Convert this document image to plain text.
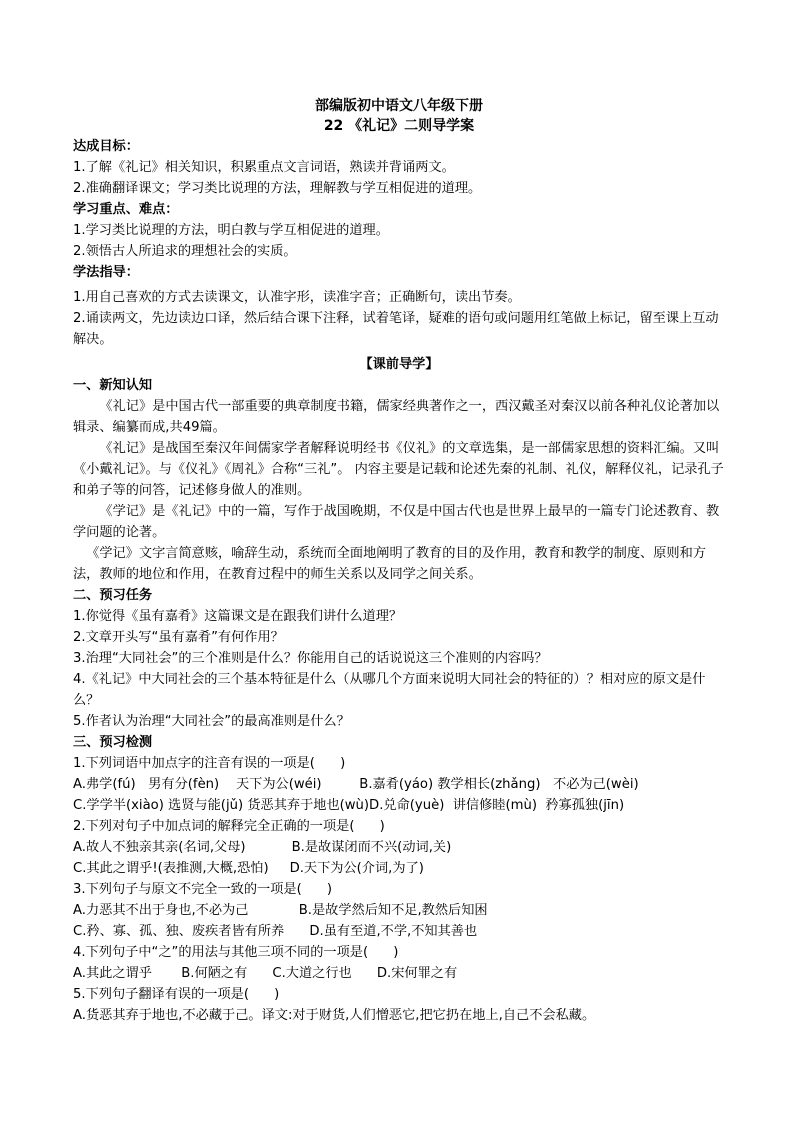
部编版初中语文八年级下册
22 《礼记》二则导学案
达成目标：

1.了解《礼记》相关知识，积累重点文言词语，熟读并背诵两文。

2.准确翻译课文；学习类比说理的方法，理解教与学互相促进的道理。

学习重点、难点：

1.学习类比说理的方法，明白教与学互相促进的道理。

2.领悟古人所追求的理想社会的实质。

学法指导：

1.用自己喜欢的方式去读课文，认准字形，读准字音；正确断句，读出节奏。

2.诵读两文，先边读边口译，然后结合课下注释，试着笔译，疑难的语句或问题用红笔做上标记，留至课上互动解决。

【课前导学】
一、新知认知

《礼记》是中国古代一部重要的典章制度书籍，儒家经典著作之一，西汉戴圣对秦汉以前各种礼仪论著加以辑录、编纂而成,共49篇。

《礼记》是战国至秦汉年间儒家学者解释说明经书《仪礼》的文章选集，是一部儒家思想的资料汇编。又叫《小戴礼记》。与《仪礼》《周礼》合称“三礼”。 内容主要是记载和论述先秦的礼制、礼仪，解释仪礼，记录孔子和弟子等的问答，记述修身做人的准则。

《学记》是《礼记》中的一篇，写作于战国晚期，不仅是中国古代也是世界上最早的一篇专门论述教育、教学问题的论著。

《学记》文字言简意赅，喻辞生动，系统而全面地阐明了教育的目的及作用，教育和教学的制度、原则和方法，教师的地位和作用，在教育过程中的师生关系以及同学之间关系。

二、预习任务

1.你觉得《虽有嘉肴》这篇课文是在跟我们讲什么道理？

2.文章开头写“虽有嘉肴”有何作用？

3.治理“大同社会”的三个准则是什么？你能用自己的话说说这三个准则的内容吗？

4.《礼记》中大同社会的三个基本特征是什么（从哪几个方面来说明大同社会的特征的）？相对应的原文是什么？

5.作者认为治理“大同社会”的最高准则是什么？

三、预习检测
1.下列词语中加点字的注音有误的一项是(      )
A.弗学(fú)   男有分(fèn)    天下为公(wéi)         B.嘉肴(yáo) 教学相长(zhǎng)   不必为己(wèi)
C.学学半(xiào) 选贤与能(jǔ) 货恶其弃于地也(wù)D.兑命(yuè)  讲信修睦(mù)  矜寡孤独(jīn)
2.下列对句子中加点词的解释完全正确的一项是(      )
A.故人不独亲其亲(名词,父母)           B.是故谋闭而不兴(动词,关)
C.其此之谓乎!(表推测,大概,恐怕)     D.天下为公(介词,为了)
3.下列句子与原文不完全一致的一项是(      )
A.力恶其不出于身也,不必为己            B.是故学然后知不足,教然后知困
C.矜、寡、孤、独、废疾者皆有所养      D.虽有至道,不学,不知其善也
4.下列句子中“之”的用法与其他三项不同的一项是(      )
A.其此之谓乎       B.何陋之有      C.大道之行也      D.宋何罪之有
5.下列句子翻译有误的一项是(      )
A.货恶其弃于地也,不必藏于己。译文:对于财货,人们憎恶它,把它扔在地上,自己不会私藏。
